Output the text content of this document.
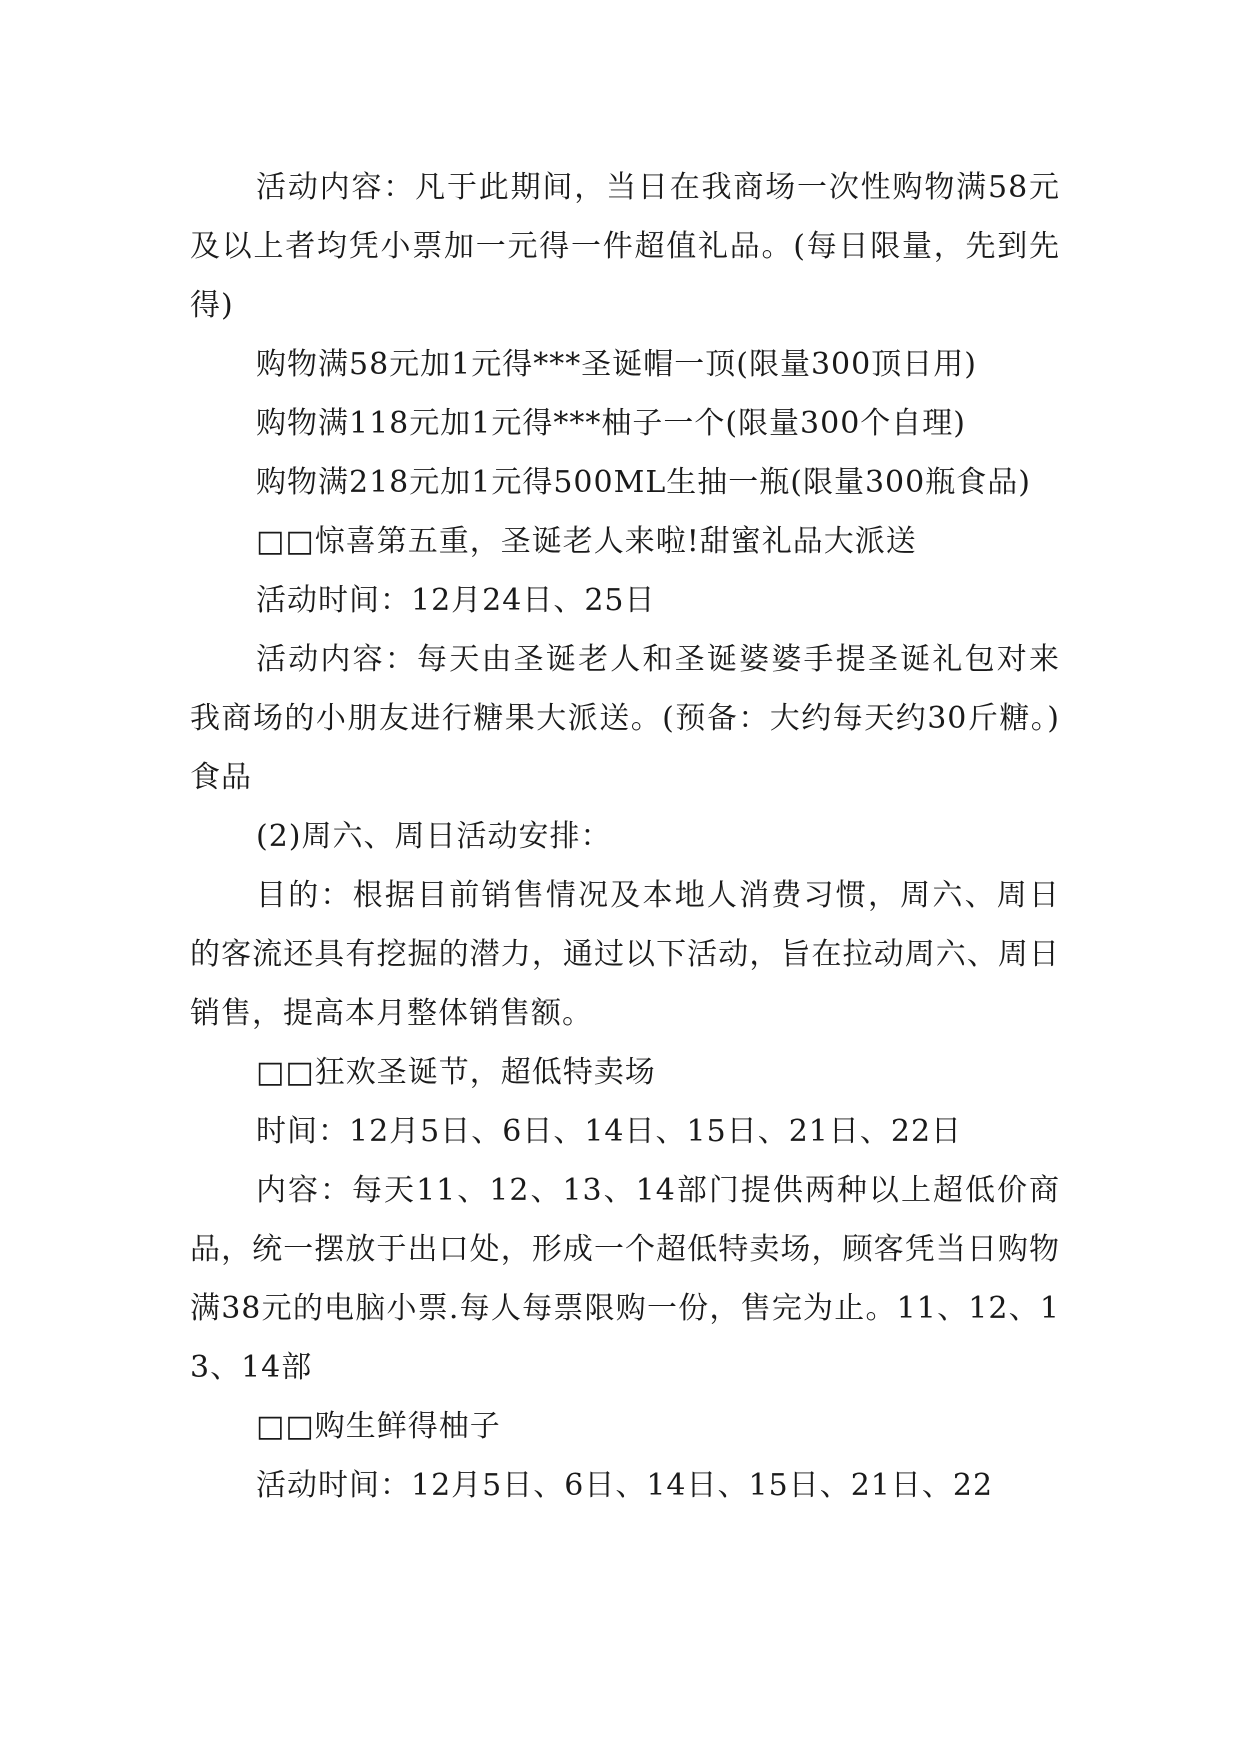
活动内容：凡于此期间，当日在我商场一次性购物满58元及以上者均凭小票加一元得一件超值礼品。(每日限量，先到先得)

购物满58元加1元得***圣诞帽一顶(限量300顶日用)

购物满118元加1元得***柚子一个(限量300个自理)

购物满218元加1元得500ML生抽一瓶(限量300瓶食品)

□□惊喜第五重，圣诞老人来啦!甜蜜礼品大派送

活动时间：12月24日、25日

活动内容：每天由圣诞老人和圣诞婆婆手提圣诞礼包对来我商场的小朋友进行糖果大派送。(预备：大约每天约30斤糖。)食品

(2)周六、周日活动安排：

目的：根据目前销售情况及本地人消费习惯，周六、周日的客流还具有挖掘的潜力，通过以下活动，旨在拉动周六、周日销售，提高本月整体销售额。

□□狂欢圣诞节，超低特卖场

时间：12月5日、6日、14日、15日、21日、22日

内容：每天11、12、13、14部门提供两种以上超低价商品，统一摆放于出口处，形成一个超低特卖场，顾客凭当日购物满38元的电脑小票.每人每票限购一份，售完为止。11、12、13、14部

□□购生鲜得柚子

活动时间：12月5日、6日、14日、15日、21日、22
